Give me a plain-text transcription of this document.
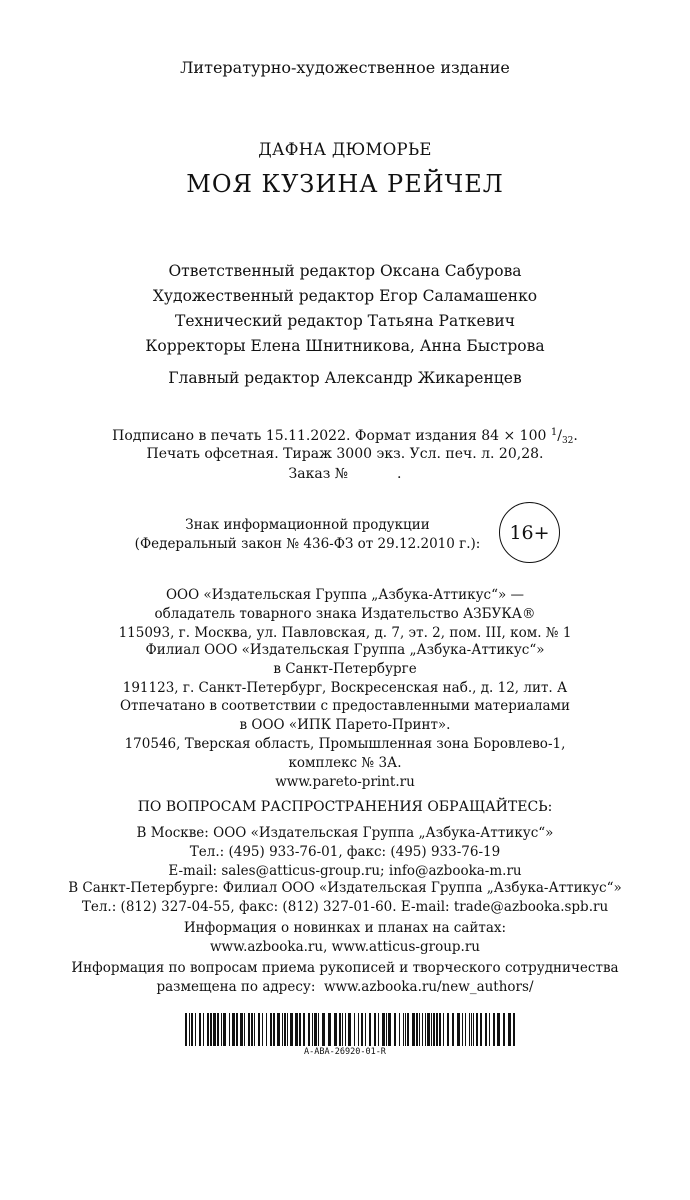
Литературно-художественное издание
ДАФНА ДЮМОРЬЕ
МОЯ КУЗИНА РЕЙЧЕЛ
Ответственный редактор Оксана Сабурова
Художественный редактор Егор Саламашенко
Технический редактор Татьяна Раткевич
Корректоры Елена Шнитникова, Анна Быстрова
Главный редактор Александр Жикаренцев
Подписано в печать 15.11.2022. Формат издания 84 × 100 $^1/_{32}$.
Печать офсетная. Тираж 3000 экз. Усл. печ. л. 20,28.
Заказ №           .
Знак информационной продукции
(Федеральный закон № 436-ФЗ от 29.12.2010 г.):
16+
ООО «Издательская Группа „Азбука-Аттикус“» —
обладатель товарного знака Издательство АЗБУКА®
115093, г. Москва, ул. Павловская, д. 7, эт. 2, пом. III, ком. № 1
Филиал ООО «Издательская Группа „Азбука-Аттикус“»
в Санкт-Петербурге
191123, г. Санкт-Петербург, Воскресенская наб., д. 12, лит. А
Отпечатано в соответствии с предоставленными материалами
в ООО «ИПК Парето-Принт».
170546, Тверская область, Промышленная зона Боровлево-1,
комплекс № 3А.
www.pareto-print.ru
ПО ВОПРОСАМ РАСПРОСТРАНЕНИЯ ОБРАЩАЙТЕСЬ:
В Москве: ООО «Издательская Группа „Азбука-Аттикус“»
Тел.: (495) 933-76-01, факс: (495) 933-76-19
E-mail: sales@atticus-group.ru; info@azbooka-m.ru
В Санкт-Петербурге: Филиал ООО «Издательская Группа „Азбука-Аттикус“»
Тел.: (812) 327-04-55, факс: (812) 327-01-60. E-mail: trade@azbooka.spb.ru
Информация о новинках и планах на сайтах:
www.azbooka.ru, www.atticus-group.ru
Информация по вопросам приема рукописей и творческого сотрудничества
размещена по адресу:  www.azbooka.ru/new_authors/
A-ABA-26920-01-R
